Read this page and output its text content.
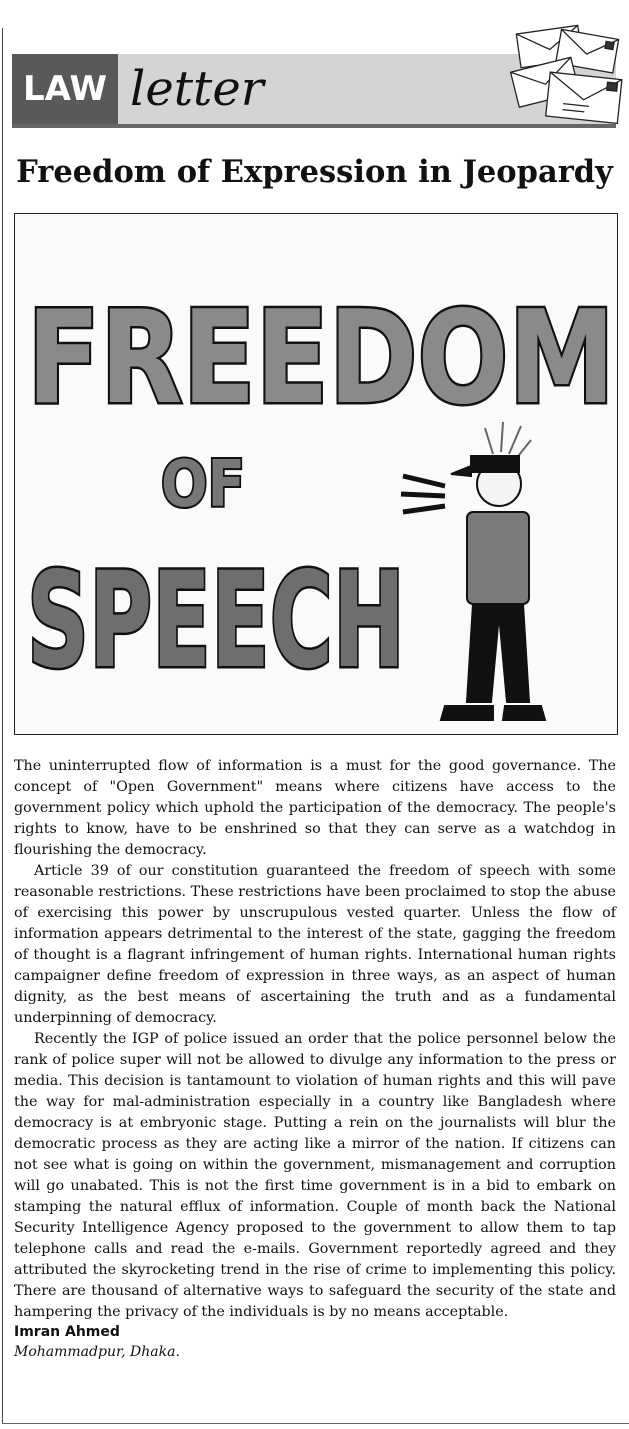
LAW letter
Freedom of Expression in Jeopardy
FREEDOM
OF
SPEECH

The uninterrupted flow of information is a must for the good governance. The concept of "Open Government" means where citizens have access to the government policy which uphold the participation of the democracy. The people's rights to know, have to be enshrined so that they can serve as a watchdog in flourishing the democracy.

Article 39 of our constitution guaranteed the freedom of speech with some reasonable restrictions. These restrictions have been proclaimed to stop the abuse of exercising this power by unscrupulous vested quarter. Unless the flow of information appears detrimental to the interest of the state, gagging the freedom of thought is a flagrant infringement of human rights. International human rights campaigner define freedom of expression in three ways, as an aspect of human dignity, as the best means of ascertaining the truth and as a fundamental underpinning of democracy.

Recently the IGP of police issued an order that the police personnel below the rank of police super will not be allowed to divulge any information to the press or media. This decision is tantamount to violation of human rights and this will pave the way for mal-administration especially in a country like Bangladesh where democracy is at embryonic stage. Putting a rein on the journalists will blur the democratic process as they are acting like a mirror of the nation. If citizens can not see what is going on within the government, mismanagement and corruption will go unabated. This is not the first time government is in a bid to embark on stamping the natural efflux of information. Couple of month back the National Security Intelligence Agency proposed to the government to allow them to tap telephone calls and read the e-mails. Government reportedly agreed and they attributed the skyrocketing trend in the rise of crime to implementing this policy. There are thousand of alternative ways to safeguard the security of the state and hampering the privacy of the individuals is by no means acceptable.

Imran Ahmed
Mohammadpur, Dhaka.
